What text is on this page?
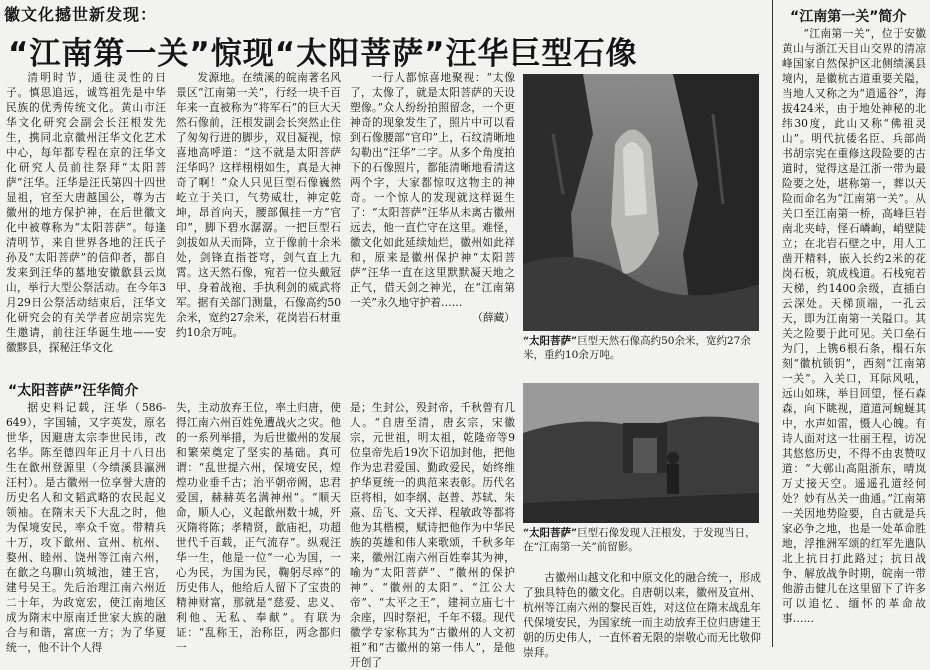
徽文化撼世新发现：
“江南第一关”惊现“太阳菩萨”汪华巨型石像

清明时节，通往灵性的日子。慎思追远，诚笃祖先是中华民族的优秀传统文化。黄山市汪华文化研究会副会长汪根发先生，携同北京徽州汪华文化艺术中心，每年都专程在京的汪华文化研究人员前往祭拜“太阳菩萨”汪华。汪华是汪氏第四十四世显祖，官至大唐越国公，尊为古徽州的地方保护神，在后世徽文化中被尊称为“太阳菩萨”。每逢清明节，来自世界各地的汪氏子孙及“太阳菩萨”的信仰者，都自发来到汪华的墓地安徽歙县云岚山，举行大型公祭活动。在今年3月29日公祭活动结束后，汪华文化研究会的有关学者应胡宗宪先生邀请，前往汪华诞生地——安徽黟县，探秘汪华文化

发源地。在绩溪的皖南著名风景区“江南第一关”，行经一块千百年来一直被称为“将军石”的巨大天然石像前，汪根发副会长突然止住了匆匆行进的脚步，双目凝视，惊喜地高呼道：“这不就是太阳菩萨汪华吗？这样栩栩如生，真是大神奇了啊！”众人只见巨型石像巍然屹立于关口，气势威壮，神定乾坤，昂首向天，腰部佩挂一方“官印”，脚下碧水潺潺。一把巨型石剑拔如从天而降，立于像前十余米处，剑锋直指苍穹，剑气直上九霄。这天然石像，宛若一位头戴冠甲、身着战袍、手执利剑的威武将军。据有关部门测量，石像高约50余米，宽约27余米，花岗岩石材重约10余万吨。

一行人都惊喜地聚视：“太像了，太像了，就是太阳菩萨的天设塑像。”众人纷纷拍照留念，一个更神奇的现象发生了，照片中可以看到石像腰部“官印”上，石纹清晰地勾勒出“汪华”二字。从多个角度拍下的石像照片，都能清晰地看清这两个字，大家都惊叹这物主的神奇。一个惊人的发现就这样诞生了：“太阳菩萨”汪华从未离古徽州远去，他一直伫守在这里。难怪，徽文化如此延续灿烂，徽州如此祥和，原来是徽州保护神“太阳菩萨”汪华一直在这里默默凝天地之正气，借天剑之神光，在“江南第一关”永久地守护着……

（薛藏）
“太阳菩萨”巨型天然石像高约50余米，宽约27余米，重约10余万吨。
“太阳菩萨”巨型石像发现人汪根发，于发现当日，在“江南第一关”前留影。
“太阳菩萨”汪华简介

据史料记载，汪华（586-649），字国辅，又字英发，原名世华，因避唐太宗李世民讳，改名华。陈至德四年正月十八日出生在歙州登源里（今绩溪县瀛洲汪村）。是古徽州一位享誉大唐的历史名人和文韬武略的农民起义领袖。在隋末天下大乱之时，他为保境安民，率众千宽。带精兵十万，攻下歙州、宣州、杭州、婺州、睦州、饶州等江南六州，在歙之乌聊山筑城池，建王宫，建号吴王。先后治理江南六州近二十年，为政宽宏，使江南地区成为隋末中原南迁世家大族的融合与和谐，富庶一方；为了华夏统一，他不计个人得

失，主动放弃王位，率土归唐，使得江南六州百姓免遭战火之灾。他的一系列举措，为后世徽州的发展和繁荣奠定了坚实的基础。真可谓：“乱世提六州，保境安民，煌煌功业垂千古；治平朝帝阙，忠君爱国，赫赫英名满神州”。“顺天命，顺人心，义起歙州数十城，歼灭隋将陈；孝精贤，歙庙祀，功超世代千百载，正气流存”。纵观汪华一生，他是一位“一心为国，一心为民，为国为民，鞠躬尽瘁”的历史伟人，他给后人留下了宝贵的精神财富，那就是“慈爱、忠义、利他、无私、奉献”。有联为证：“乱称王，治称臣，两念都归一

是；生封公，殁封帝，千秋曾有几人。“自唐至清，唐玄宗，宋徽宗，元世祖，明太祖，乾隆帝等9位皇帝先后19次下诏加封他，把他作为忠君爱国、勤政爱民，始终维护华夏统一的典范来表彰。历代名臣将相，如李纲、赵普、苏轼、朱熹、岳飞、文天祥、程敏政等都将他为其楷模，赋诗把他作为中华民族的英雄和伟人来歌颂，千秋多年来，徽州江南六州百姓奉其为神，喻为“太阳菩萨”、“徽州的保护神”、“徽州的太阳”、“江公大帝”、“太平之王”，建祠立庙七十余座，四时祭祀，千年不辍。现代徽学专家称其为“古徽州的人文初祖”和“古徽州的第一伟人”，是他开创了

古徽州山越文化和中原文化的融合统一，形成了独具特色的徽文化。自唐朝以来，徽州及宣州、杭州等江南六州的黎民百姓，对这位在隋末战乱年代保境安民，为国家统一而主动放弃王位归唐建王朝的历史伟人，一直怀着无限的崇敬心而无比敬仰崇拜。

“江南第一关”简介

“江南第一关”，位于安徽黄山与浙江天目山交界的清凉峰国家自然保护区北侧绩溪县境内，是徽杭古道重要关隘，当地人又称之为“逍遥谷”，海拔424米，由于地处神秘的北纬30度，此山又称“佛祖灵山”。明代抗倭名臣、兵部尚书胡宗宪在重修这段险要的古道时，觉得这是江浙一带为最险要之处，堪称第一，葬以天险而命名为“江南第一关”。从关口至江南第一桥，高峰巨岩南北夹峙，怪石嶙峋，峭壁陡立；在北岩石壁之中，用人工凿开精料，嵌入长约2米的花岗石板，筑成栈道。石栈宛若天梯，约1400余级，直插白云深处。天梯顶端，一孔云天，即为江南第一关隘口。其关之险要于此可见。关口垒石为门，上镌6根石条，榻石东刻“徽杭锁钥”，西刻“江南第一关”。入关口，耳际风吼，远山如珠，举目回望，怪石森森，向下眺视，道道河蜿蜒其中，水声如雷，慑人心魄。有诗人面对这一壮丽王程，访况其悠悠历史，不得不由衷赞叹道：“大鄣山高阻浙东，晴岚万丈接天空。遥遥孔道经何处？妙有丛关一曲通。”江南第一关因地势险要，自古就是兵家必争之地，也是一处革命胜地，浮推洲军颂的红军先遣队北上抗日打此路过；抗日战争、解放战争时期，皖南一带他游击健儿在这里留下了许多可以追忆、缅怀的革命故事……
